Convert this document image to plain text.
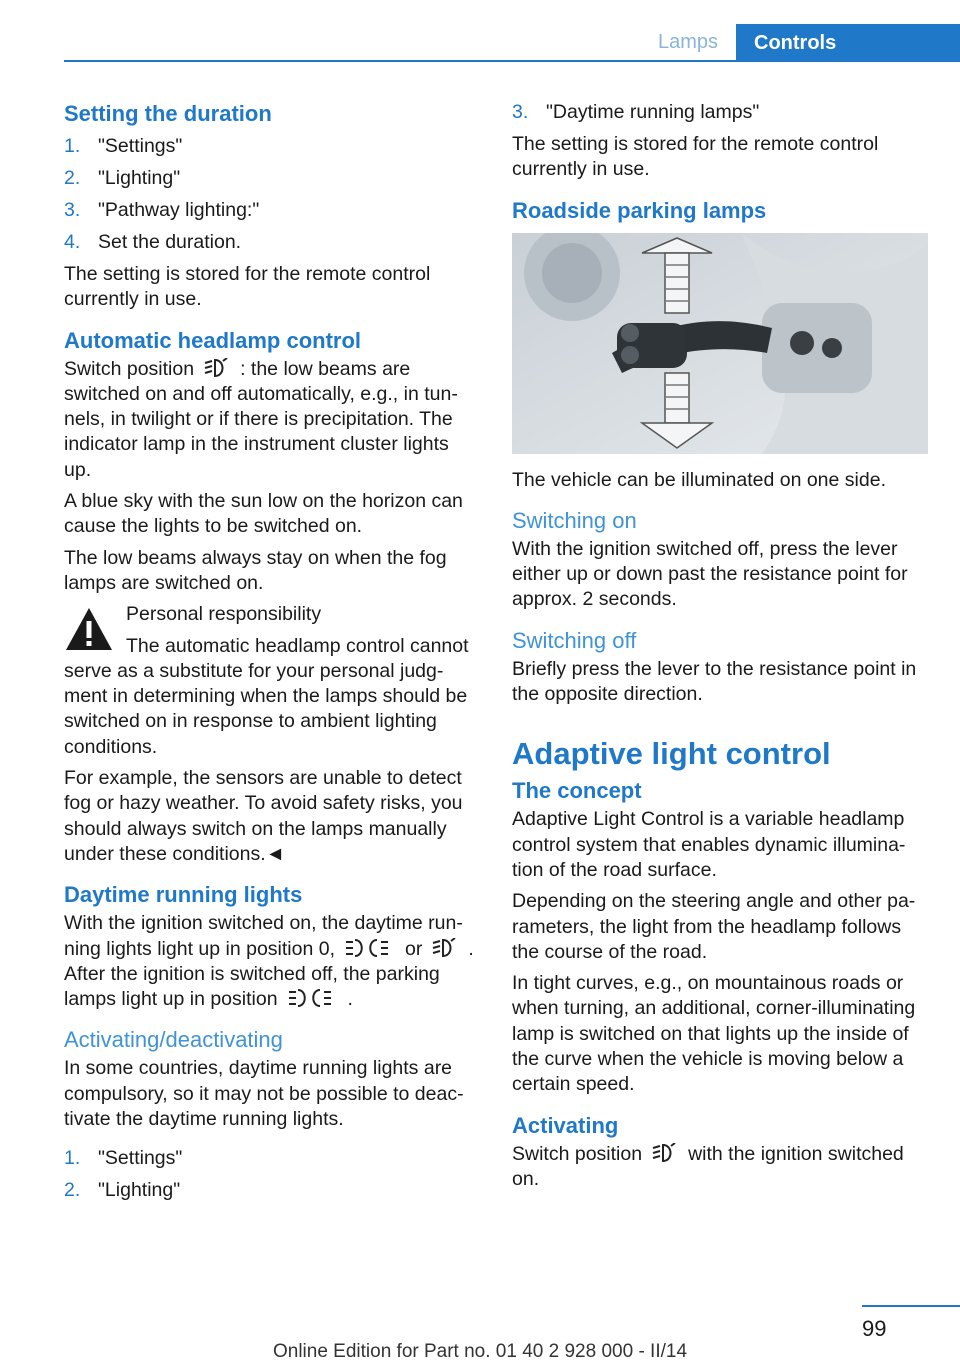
Lamps	Controls
Setting the duration
1. "Settings"
2. "Lighting"
3. "Pathway lighting:"
4. Set the duration.

The setting is stored for the remote control currently in use.

Automatic headlamp control

Switch position : the low beams are switched on and off automatically, e.g., in tun-nels, in twilight or if there is precipitation. The indicator lamp in the instrument cluster lights up.

A blue sky with the sun low on the horizon can cause the lights to be switched on.

The low beams always stay on when the fog lamps are switched on.

Personal responsibility

The automatic headlamp control cannot serve as a substitute for your personal judg-ment in determining when the lamps should be switched on in response to ambient lighting conditions.

For example, the sensors are unable to detect fog or hazy weather. To avoid safety risks, you should always switch on the lamps manually under these conditions.◄

Daytime running lights

With the ignition switched on, the daytime run-ning lights light up in position 0,	or .
After the ignition is switched off, the parking lamps light up in position	.

Activating/deactivating

In some countries, daytime running lights are compulsory, so it may not be possible to deac-tivate the daytime running lights.

1. "Settings"
2. "Lighting"
3. "Daytime running lamps"

The setting is stored for the remote control currently in use.

Roadside parking lamps

The vehicle can be illuminated on one side.

Switching on

With the ignition switched off, press the lever either up or down past the resistance point for approx. 2 seconds.

Switching off

Briefly press the lever to the resistance point in the opposite direction.

Adaptive light control
The concept

Adaptive Light Control is a variable headlamp control system that enables dynamic illumina-tion of the road surface.

Depending on the steering angle and other pa-rameters, the light from the headlamp follows the course of the road.

In tight curves, e.g., on mountainous roads or when turning, an additional, corner-illuminating lamp is switched on that lights up the inside of the curve when the vehicle is moving below a certain speed.

Activating

Switch position with the ignition switched on.

99
Online Edition for Part no. 01 40 2 928 000 - II/14
